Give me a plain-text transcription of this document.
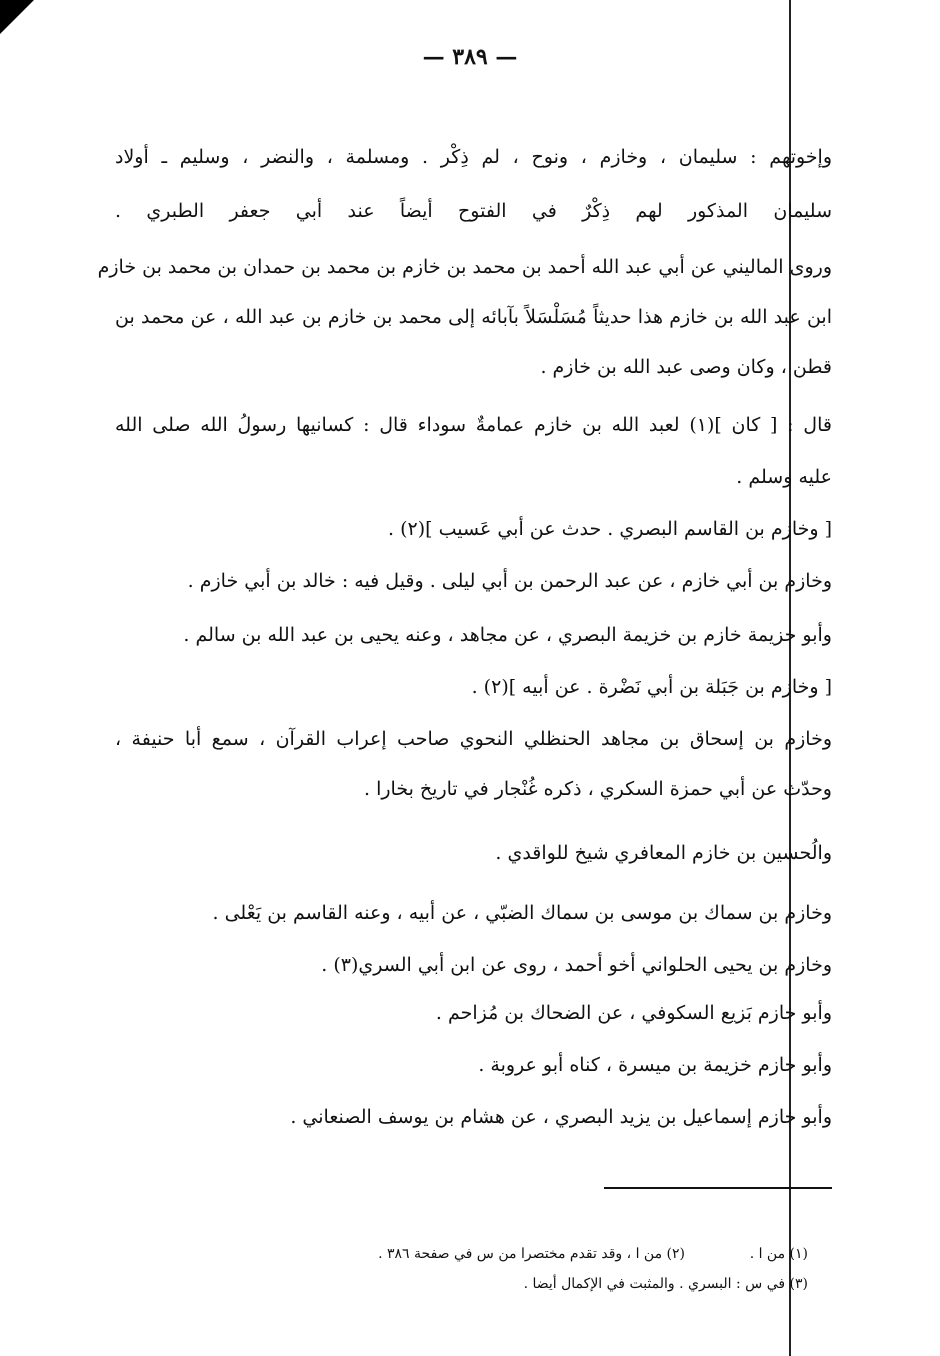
— ٣٨٩ —
وإخوتهم : سليمان ، وخازم ، ونوح ، لم ذِكْر . ومسلمة ، والنضر ، وسليم ـ أولاد
سليمان المذكور لهم ذِكْرٌ في الفتوح أيضاً عند أبي جعفر الطبري .
وروى الماليني عن أبي عبد الله أحمد بن محمد بن خازم بن محمد بن حمدان بن محمد بن خازم
ابن عبد الله بن خازم هذا حديثاً مُسَلْسَلاً بآبائه إلى محمد بن خازم بن عبد الله ، عن محمد بن
قطن ، وكان وصى عبد الله بن خازم .
قال : [ كان ](١) لعبد الله بن خازم عمامةٌ سوداء قال : كسانيها رسولُ الله صلى الله
عليه وسلم .
[ وخازم بن القاسم البصري . حدث عن أبي عَسيب ](٢) .
وخازم بن أبي خازم ، عن عبد الرحمن بن أبي ليلى . وقيل فيه : خالد بن أبي خازم .
وأبو خزيمة خازم بن خزيمة البصري ، عن مجاهد ، وعنه يحيى بن عبد الله بن سالم .
[ وخازم بن جَبَلة بن أبي نَضْرة . عن أبيه ](٢) .
وخازم بن إسحاق بن مجاهد الحنظلي النحوي صاحب إعراب القرآن ، سمع أبا حنيفة ،
وحدّث عن أبي حمزة السكري ، ذكره غُنْجار في تاريخ بخارا .
والُحسين بن خازم المعافري شيخ للواقدي .
وخازم بن سماك بن موسى بن سماك الضبّي ، عن أبيه ، وعنه القاسم بن يَعْلى .
وخازم بن يحيى الحلواني أخو أحمد ، روى عن ابن أبي السري(٣) .
وأبو خازم بَزيع السكوفي ، عن الضحاك بن مُزاحم .
وأبو خازم خزيمة بن ميسرة ، كناه أبو عروبة .
وأبو خازم إسماعيل بن يزيد البصري ، عن هشام بن يوسف الصنعاني .
(١) من ا .
(٢) من ا ، وقد تقدم مختصرا من س في صفحة ٣٨٦ .
(٣) في س : البسري . والمثبت في الإكمال أيضا .
